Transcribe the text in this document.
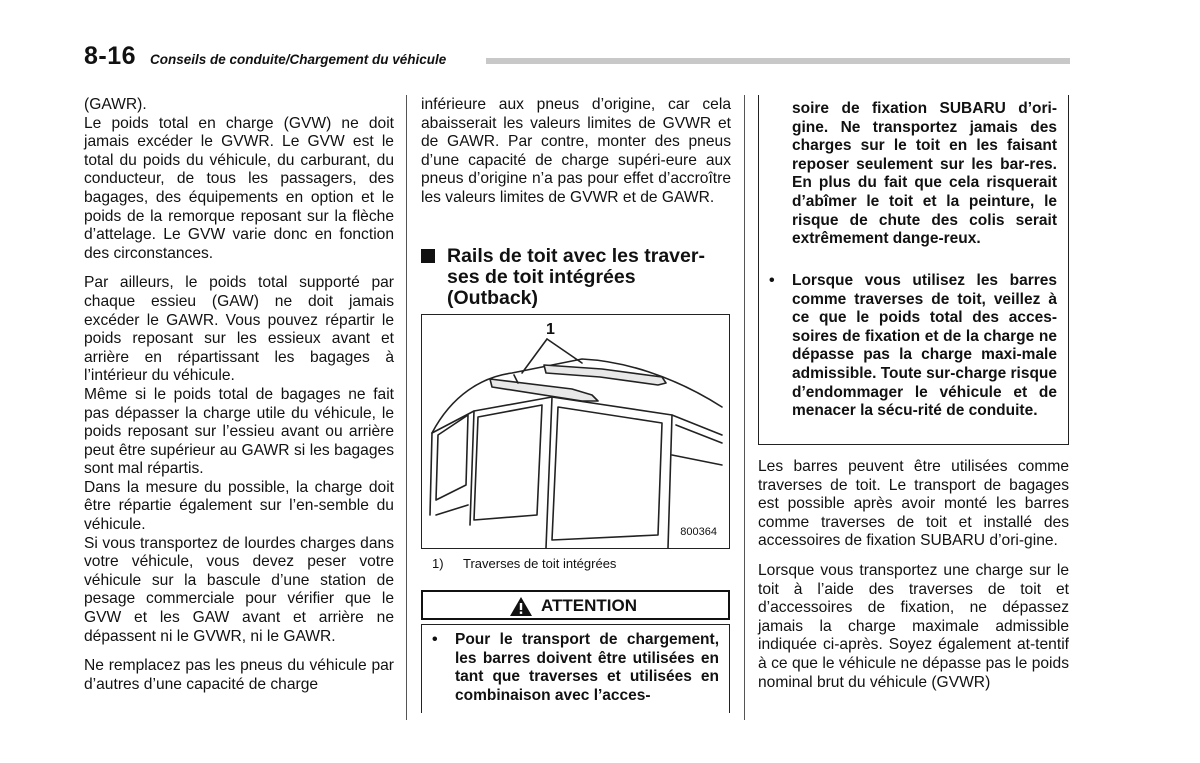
8-16 Conseils de conduite/Chargement du véhicule

(GAWR).

Le poids total en charge (GVW) ne doit jamais excéder le GVWR. Le GVW est le total du poids du véhicule, du carburant, du conducteur, de tous les passagers, des bagages, des équipements en option et le poids de la remorque reposant sur la flèche d’attelage. Le GVW varie donc en fonction des circonstances.

Par ailleurs, le poids total supporté par chaque essieu (GAW) ne doit jamais excéder le GAWR. Vous pouvez répartir le poids reposant sur les essieux avant et arrière en répartissant les bagages à l’intérieur du véhicule.

Même si le poids total de bagages ne fait pas dépasser la charge utile du véhicule, le poids reposant sur l’essieu avant ou arrière peut être supérieur au GAWR si les bagages sont mal répartis.

Dans la mesure du possible, la charge doit être répartie également sur l’en-semble du véhicule.

Si vous transportez de lourdes charges dans votre véhicule, vous devez peser votre véhicule sur la bascule d’une station de pesage commerciale pour vérifier que le GVW et les GAW avant et arrière ne dépassent ni le GVWR, ni le GAWR.

Ne remplacez pas les pneus du véhicule par d’autres d’une capacité de charge

inférieure aux pneus d’origine, car cela abaisserait les valeurs limites de GVWR et de GAWR. Par contre, monter des pneus d’une capacité de charge supéri-eure aux pneus d’origine n’a pas pour effet d’accroître les valeurs limites de GVWR et de GAWR.

Rails de toit avec les traver-ses de toit intégrées (Outback)
1
800364
1) Traverses de toit intégrées
ATTENTION
• Pour le transport de chargement, les barres doivent être utilisées en tant que traverses et utilisées en combinaison avec l’acces-
soire de fixation SUBARU d’ori-gine. Ne transportez jamais des charges sur le toit en les faisant reposer seulement sur les bar-res. En plus du fait que cela risquerait d’abîmer le toit et la peinture, le risque de chute des colis serait extrêmement dange-reux.
• Lorsque vous utilisez les barres comme traverses de toit, veillez à ce que le poids total des acces-soires de fixation et de la charge ne dépasse pas la charge maxi-male admissible. Toute sur-charge risque d’endommager le véhicule et de menacer la sécu-rité de conduite.

Les barres peuvent être utilisées comme traverses de toit. Le transport de bagages est possible après avoir monté les barres comme traverses de toit et installé des accessoires de fixation SUBARU d’ori-gine.

Lorsque vous transportez une charge sur le toit à l’aide des traverses de toit et d’accessoires de fixation, ne dépassez jamais la charge maximale admissible indiquée ci-après. Soyez également at-tentif à ce que le véhicule ne dépasse pas le poids nominal brut du véhicule (GVWR)
